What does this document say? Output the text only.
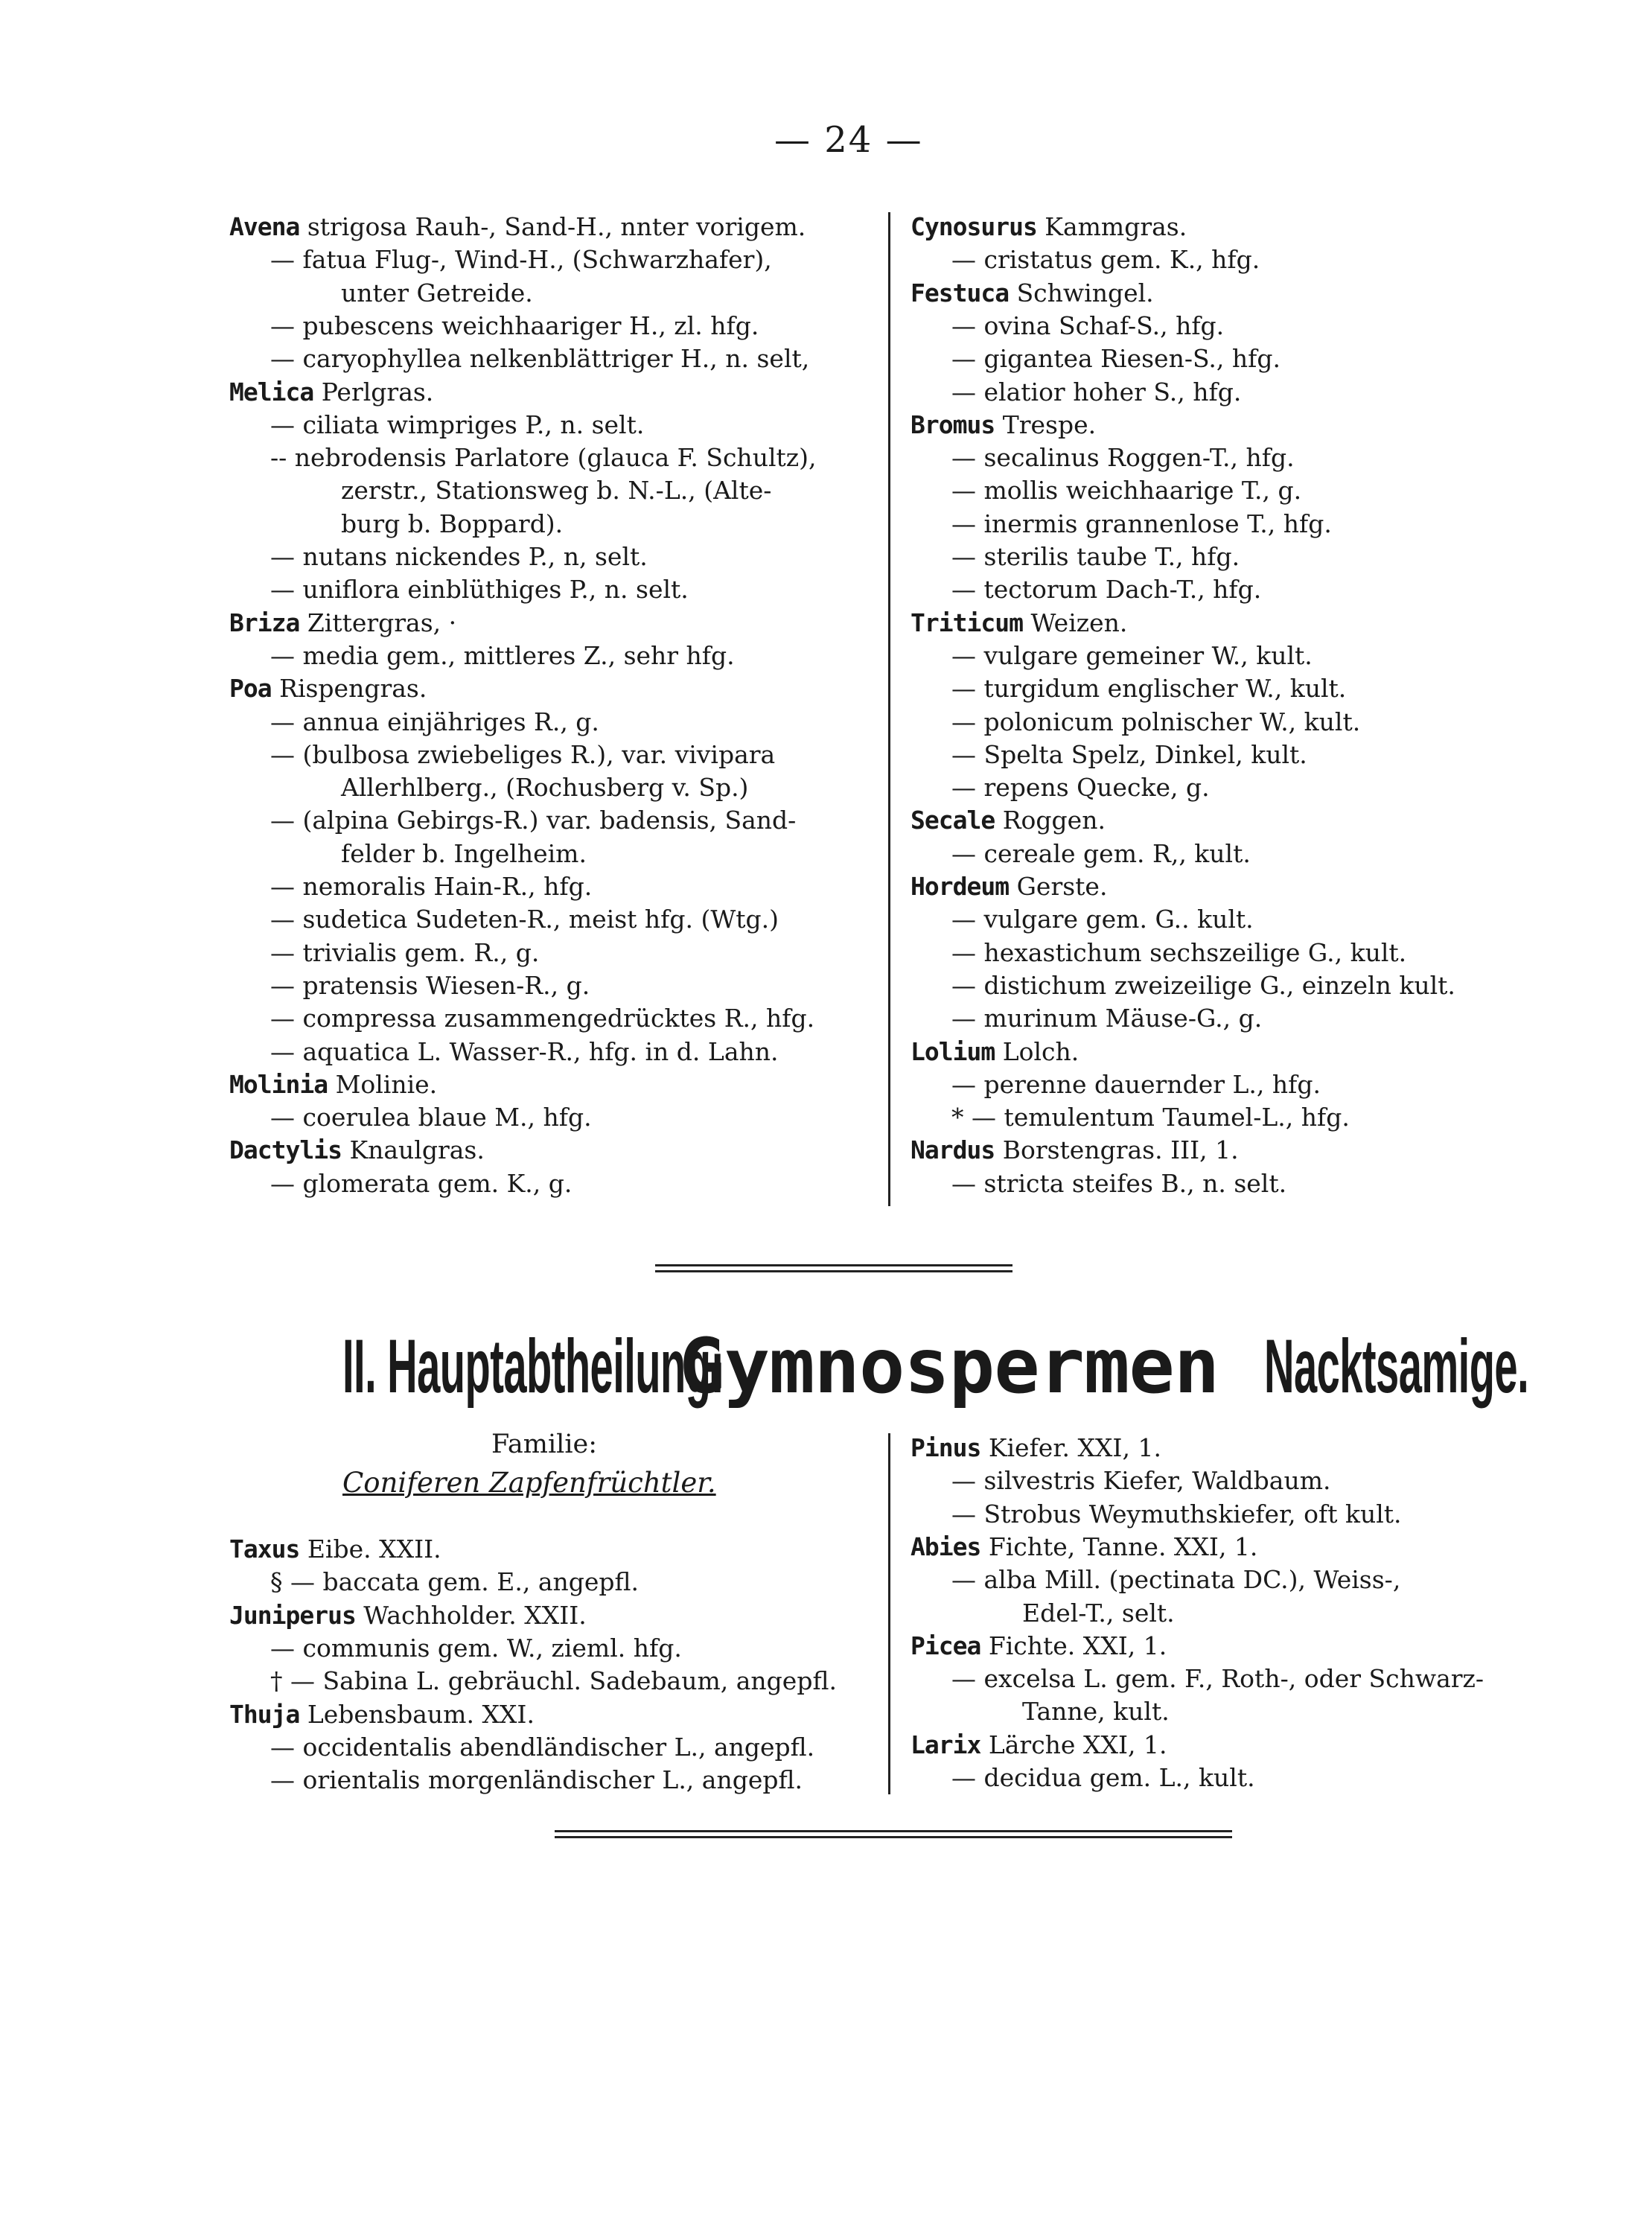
— 24 —
Avena strigosa Rauh-, Sand-H., nnter vorigem.
— fatua Flug-, Wind-H., (Schwarzhafer),
unter Getreide.
— pubescens weichhaariger H., zl. hfg.
— caryophyllea nelkenblättriger H., n. selt,
Melica Perlgras.
— ciliata wimpriges P., n. selt.
-- nebrodensis Parlatore (glauca F. Schultz),
zerstr., Stationsweg b. N.-L., (Alte-
burg b. Boppard).
— nutans nickendes P., n, selt.
— uniflora einblüthiges P., n. selt.
Briza Zittergras, ·
— media gem., mittleres Z., sehr hfg.
Poa Rispengras.
— annua einjähriges R., g.
— (bulbosa zwiebeliges R.), var. vivipara
Allerhlberg., (Rochusberg v. Sp.)
— (alpina Gebirgs-R.) var. badensis, Sand-
felder b. Ingelheim.
— nemoralis Hain-R., hfg.
— sudetica Sudeten-R., meist hfg. (Wtg.)
— trivialis gem. R., g.
— pratensis Wiesen-R., g.
— compressa zusammengedrücktes R., hfg.
— aquatica L. Wasser-R., hfg. in d. Lahn.
Molinia Molinie.
— coerulea blaue M., hfg.
Dactylis Knaulgras.
— glomerata gem. K., g.
Cynosurus Kammgras.
— cristatus gem. K., hfg.
Festuca Schwingel.
— ovina Schaf-S., hfg.
— gigantea Riesen-S., hfg.
— elatior hoher S., hfg.
Bromus Trespe.
— secalinus Roggen-T., hfg.
— mollis weichhaarige T., g.
— inermis grannenlose T., hfg.
— sterilis taube T., hfg.
— tectorum Dach-T., hfg.
Triticum Weizen.
— vulgare gemeiner W., kult.
— turgidum englischer W., kult.
— polonicum polnischer W., kult.
— Spelta Spelz, Dinkel, kult.
— repens Quecke, g.
Secale Roggen.
— cereale gem. R,, kult.
Hordeum Gerste.
— vulgare gem. G.. kult.
— hexastichum sechszeilige G., kult.
— distichum zweizeilige G., einzeln kult.
— murinum Mäuse-G., g.
Lolium Lolch.
— perenne dauernder L., hfg.
* — temulentum Taumel-L., hfg.
Nardus Borstengras. III, 1.
— stricta steifes B., n. selt.
II. Hauptabtheilung: Gymnospermen Nacktsamige.
Familie:
Coniferen Zapfenfrüchtler.
Taxus Eibe. XXII.
§ — baccata gem. E., angepfl.
Juniperus Wachholder. XXII.
— communis gem. W., zieml. hfg.
† — Sabina L. gebräuchl. Sadebaum, angepfl.
Thuja Lebensbaum. XXI.
— occidentalis abendländischer L., angepfl.
— orientalis morgenländischer L., angepfl.
Pinus Kiefer. XXI, 1.
— silvestris Kiefer, Waldbaum.
— Strobus Weymuthskiefer, oft kult.
Abies Fichte, Tanne. XXI, 1.
— alba Mill. (pectinata DC.), Weiss-,
Edel-T., selt.
Picea Fichte. XXI, 1.
— excelsa L. gem. F., Roth-, oder Schwarz-
Tanne, kult.
Larix Lärche XXI, 1.
— decidua gem. L., kult.
